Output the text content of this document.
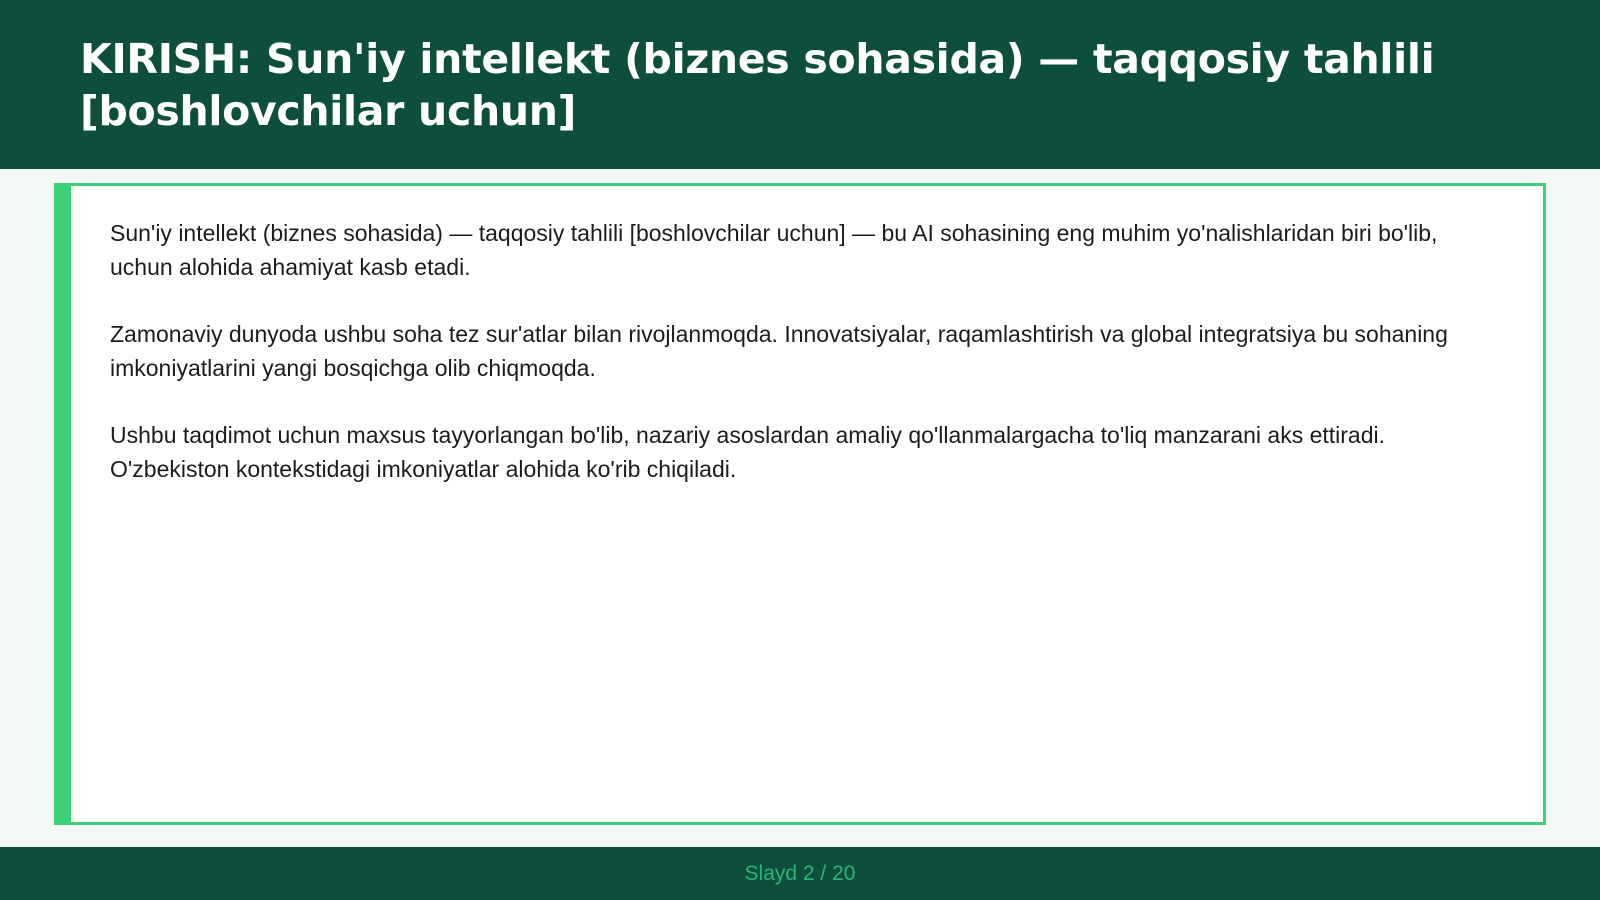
KIRISH: Sun'iy intellekt (biznes sohasida) — taqqosiy tahlili [boshlovchilar uchun]

Sun'iy intellekt (biznes sohasida) — taqqosiy tahlili [boshlovchilar uchun] — bu AI sohasining eng muhim yo'nalishlaridan biri bo'lib, uchun alohida ahamiyat kasb etadi.

Zamonaviy dunyoda ushbu soha tez sur'atlar bilan rivojlanmoqda. Innovatsiyalar, raqamlashtirish va global integratsiya bu sohaning imkoniyatlarini yangi bosqichga olib chiqmoqda.

Ushbu taqdimot uchun maxsus tayyorlangan bo'lib, nazariy asoslardan amaliy qo'llanmalargacha to'liq manzarani aks ettiradi. O'zbekiston kontekstidagi imkoniyatlar alohida ko'rib chiqiladi.

Slayd 2 / 20
